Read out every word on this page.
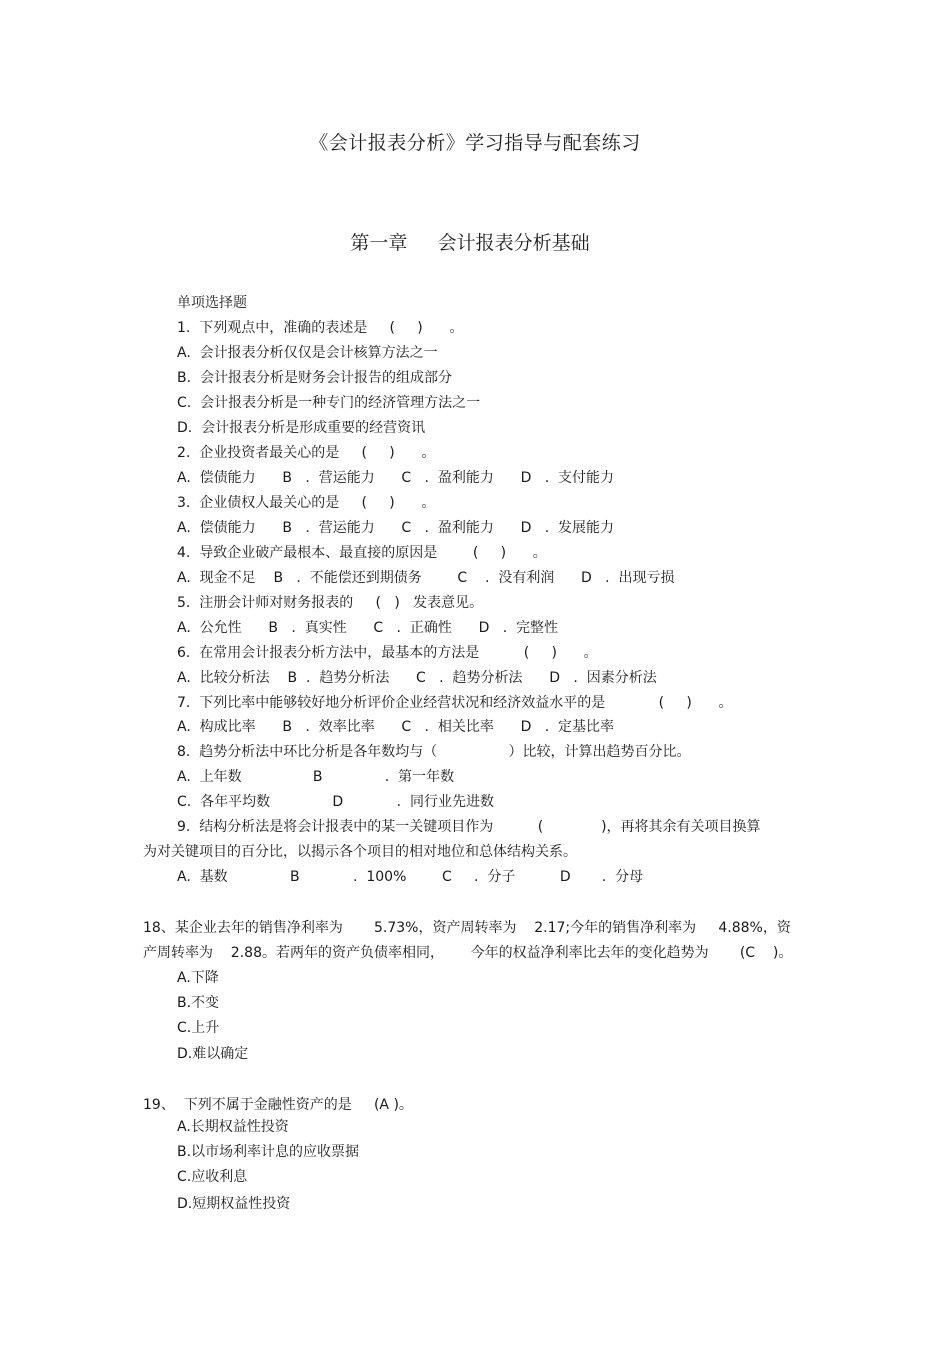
《会计报表分析》学习指导与配套练习
第一章     会计报表分析基础
单项选择题
1.  下列观点中，准确的表述是     (     )      。
A.  会计报表分析仅仅是会计核算方法之一
B.  会计报表分析是财务会计报告的组成部分
C.  会计报表分析是一种专门的经济管理方法之一
D.  会计报表分析是形成重要的经营资讯
2.  企业投资者最关心的是     (     )      。
A.  偿债能力      B   .  营运能力      C   .  盈利能力      D   .  支付能力
3.  企业债权人最关心的是     (     )      。
A.  偿债能力      B   .  营运能力      C   .  盈利能力      D   .  发展能力
4.  导致企业破产最根本、最直接的原因是        (     )      。
A.  现金不足    B   .  不能偿还到期债务        C    .  没有利润      D   .  出现亏损
5.  注册会计师对财务报表的     (   )   发表意见。
A.  公允性      B   .  真实性      C   .  正确性      D   .  完整性
6.  在常用会计报表分析方法中，最基本的方法是          (     )      。
A.  比较分析法    B  .  趋势分析法      C   .  趋势分析法      D   .  因素分析法
7.  下列比率中能够较好地分析评价企业经营状况和经济效益水平的是            (     )      。
A.  构成比率      B   .  效率比率      C   .  相关比率      D   .  定基比率
8.  趋势分析法中环比分析是各年数均与（                ）比较，计算出趋势百分比。
A.  上年数                B              .  第一年数
C.  各年平均数              D            .  同行业先进数
9.  结构分析法是将会计报表中的某一关键项目作为          (             )，再将其余有关项目换算
为对关键项目的百分比，以揭示各个项目的相对地位和总体结构关系。
A.  基数              B            .  100%        C     .  分子          D       .  分母
18、某企业去年的销售净利率为       5.73%，资产周转率为    2.17;今年的销售净利率为     4.88%，资
产周转率为    2.88。若两年的资产负债率相同，      今年的权益净利率比去年的变化趋势为       (C    )。
A.下降
B.不变
C.上升
D.难以确定
19、  下列不属于金融性资产的是     (A )。
A.长期权益性投资
B.以市场利率计息的应收票据
C.应收利息
D.短期权益性投资
